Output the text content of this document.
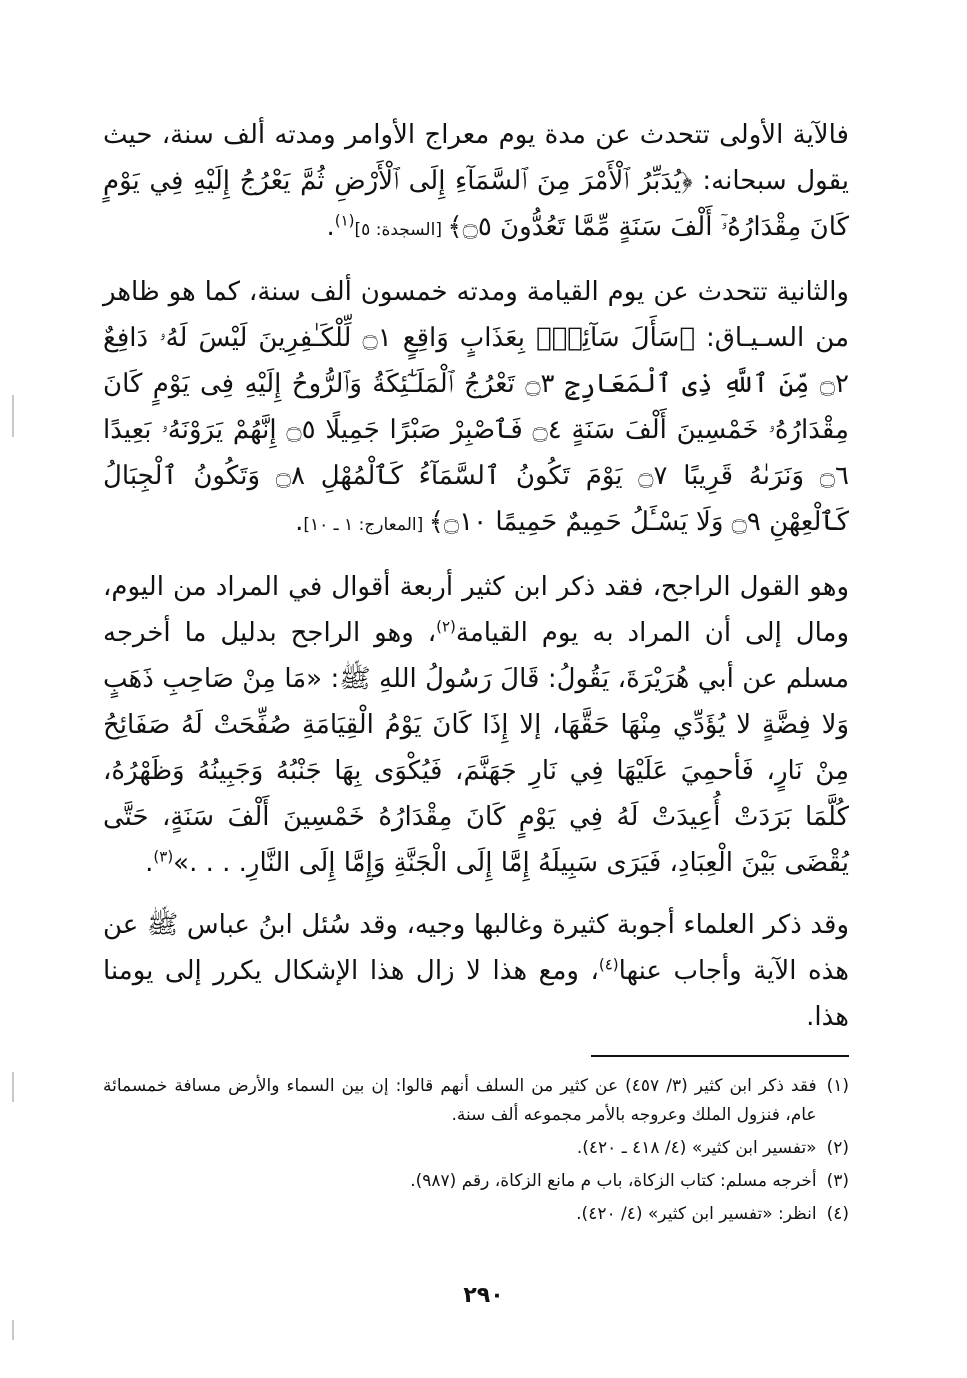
فالآية الأولى تتحدث عن مدة يوم معراج الأوامر ومدته ألف سنة، حيث يقول سبحانه: ﴿يُدَبِّرُ ٱلْأَمْرَ مِنَ ٱلسَّمَآءِ إِلَى ٱلْأَرْضِ ثُمَّ يَعْرُجُ إِلَيْهِ فِي يَوْمٍ كَانَ مِقْدَارُهُۥٓ أَلْفَ سَنَةٍ مِّمَّا تَعُدُّونَ ۝٥﴾ [السجدة: ٥]$^{(١)}$.

والثانية تتحدث عن يوم القيامة ومدته خمسون ألف سنة، كما هو ظاهر من السـيـاق: ﴿سَأَلَ سَآئِلٌۢ بِعَذَابٍ وَاقِعٍ ۝١ لِّلْكَـٰفِرِينَ لَيْسَ لَهُۥ دَافِعٌ ۝٢ مِّنَ ٱللَّهِ ذِى ٱلْمَعَارِجِ ۝٣ تَعْرُجُ ٱلْمَلَـٰٓئِكَةُ وَٱلرُّوحُ إِلَيْهِ فِى يَوْمٍ كَانَ مِقْدَارُهُۥ خَمْسِينَ أَلْفَ سَنَةٍ ۝٤ فَٱصْبِرْ صَبْرًا جَمِيلًا ۝٥ إِنَّهُمْ يَرَوْنَهُۥ بَعِيدًا ۝٦ وَنَرَىٰهُ قَرِيبًا ۝٧ يَوْمَ تَكُونُ ٱلسَّمَآءُ كَٱلْمُهْلِ ۝٨ وَتَكُونُ ٱلْجِبَالُ كَٱلْعِهْنِ ۝٩ وَلَا يَسْـَٔلُ حَمِيمٌ حَمِيمًا ۝١٠﴾ [المعارج: ١ ـ ١٠].

وهو القول الراجح، فقد ذكر ابن كثير أربعة أقوال في المراد من اليوم، ومال إلى أن المراد به يوم القيامة$^{(٢)}$، وهو الراجح بدليل ما أخرجه مسلم عن أبي هُرَيْرَةَ، يَقُولُ: قَالَ رَسُولُ اللهِ ﷺ: «مَا مِنْ صَاحِبِ ذَهَبٍ وَلا فِضَّةٍ لا يُؤَدِّي مِنْهَا حَقَّهَا، إلا إِذَا كَانَ يَوْمُ الْقِيَامَةِ صُفِّحَتْ لَهُ صَفَائِحُ مِنْ نَارٍ، فَأحمِيَ عَلَيْهَا فِي نَارِ جَهَنَّمَ، فَيُكْوَى بِهَا جَنْبُهُ وَجَبِينُهُ وَظَهْرُهُ، كُلَّمَا بَرَدَتْ أُعِيدَتْ لَهُ فِي يَوْمٍ كَانَ مِقْدَارُهُ خَمْسِينَ أَلْفَ سَنَةٍ، حَتَّى يُقْضَى بَيْنَ الْعِبَادِ، فَيَرَى سَبِيلَهُ إِمَّا إِلَى الْجَنَّةِ وَإِمَّا إِلَى النَّارِ. . . .»$^{(٣)}$.

وقد ذكر العلماء أجوبة كثيرة وغالبها وجيه، وقد سُئل ابنُ عباس ﷺ عن هذه الآية وأجاب عنها$^{(٤)}$، ومع هذا لا زال هذا الإشكال يكرر إلى يومنا هذا.

(١)
فقد ذكر ابن كثير (٣/ ٤٥٧) عن كثير من السلف أنهم قالوا: إن بين السماء والأرض مسافة خمسمائة عام، فنزول الملك وعروجه بالأمر مجموعه ألف سنة.
(٢)
«تفسير ابن كثير» (٤/ ٤١٨ ـ ٤٢٠).
(٣)
أخرجه مسلم: كتاب الزكاة، باب م مانع الزكاة، رقم (٩٨٧).
(٤)
انظر: «تفسير ابن كثير» (٤/ ٤٢٠).
٢٩٠
